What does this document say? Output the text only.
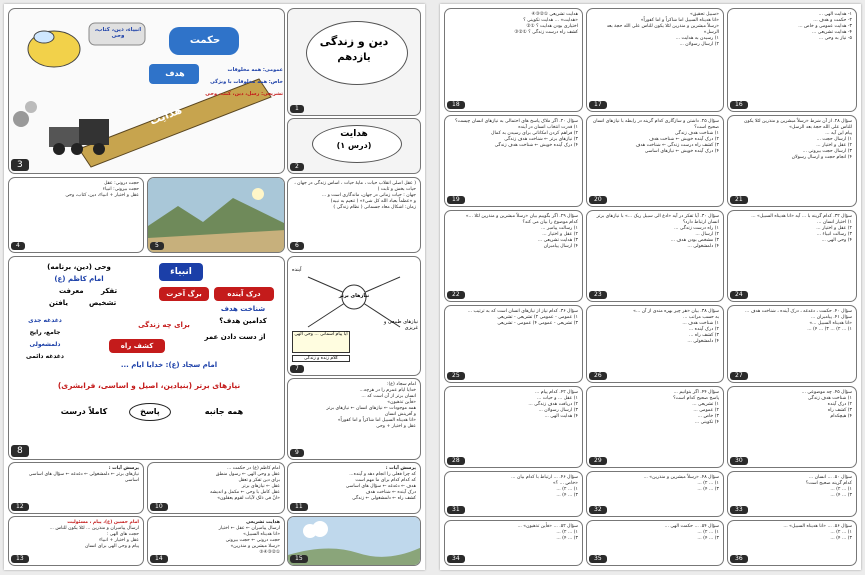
دین و زندگی
یازدهم
1
هدایت
(درس ۱)
2
حکمت
هدف
انبیاء، دین، کتاب، وحی
هدایت
عمومی: همه مخلوقات
خاص: همه مخلوقات با ویژگی
تشریعی: رسل، دین، کتب، وحی
3
حجت درونی: عقل
حجت بیرونی: انبیاء
عقل و اختیار + انبیاء، دین، کتاب، وحی
4	5
( عقل اصلی انقلاب حیات ، مایهٔ حیات ، اساس زندگی در جهان ، حیات بخش و ثابت )
جهان : حیات زمانی در جهان، ماندگاری است و ...
و «عظماً بعباد الله کل شیء» ( تنعیم به نبیه)
زمان: اشکال معاد جسمانی ( نظام زندگی )
6
نیازهای برتر
آینده
نیازهای طبیعی و غریزی
آیا پیام آسمانی ... وحی الهی
کلام زنده و زندگی
7
انبیاء
وحی (دین، برنامه)
امام کاظم (ع)
تفکر
معرفت
تشخیص
یافتن
برگ آخرت	درک آینده
شناخت هدف
کدامین هدف؟
برای چه زندگی
از دست دادن عمر
کشف راه
دغدغه جدی
جامع، رایج
دلمشغولی
دغدغه دائمی
امام سجاد (ع): خدایا ایام ...
نیازهای برتر (بنیادین، اصیل و اساسی، فرابشری)
همه جانبه
پاسخ
کاملاً درست
8
امام سجاد (ع):
خدایا ایام عمرم را در هرچه...
انسان برتر از آن است که ...
«فأین تذهبون»
همه موجودات ← نیازهای انسان ← نیازهای برتر
و آفرینش انسان
«انا هدیناه السبیل اما شاکراً و اما کفوراً»
عقل و اختیار + وحی
9
امام کاظم (ع) در حکمت ...
عقل و وحی الهی ← رسول منطق
برای دین تفکر و تعقل
عقل ← نیازهای برتر
عقل کامل با وحی ← مکمل و اندیشه
«انّ فی ذلک لآیات لقوم یعقلون»
10
پرسش آیات :
که چرا فعلی را انجام دهد و آینده...
که کدام کدام برای ما مهم است
هدف ← دغدغه ← سؤال های اساسی
درک آینده ← شناخت هدف
کشف راه ← دلمشغولی ← زندگی
11
پرسش آیات :
نیازهای برتر ← دلمشغولی ← دغدغه ← سؤال های اساسی
اساسی
12
امام حسین (ع)، پیام ، مسئولیت
ارسال پیامبران و منذرین ... لئلا یکون للناس ...
حجت های الهی :
عقل و اختیار + انبیاء
پیام و وحی الهی برای انسان
13
هدایت تشریعی
ارسال پیامبران ← عقل ← اختیار
«انا هدیناه السبیل»
حجت درونی ← حجت بیرونی
«رسلا مبشرین و منذرین»
①②③④⑤
14	15
۱- هدایت الهی ...
۲- حکمت و هدف ...
۳- هدایت عمومی و خاص ...
۴- هدایت تشریعی ...
۵- نیاز به وحی ...
16
«سبیل تحقیق»
«انا هدیناه السبیل اما شاکراً و اما کفوراً»
«رسلاً مبشرین و منذرین لئلا یکون للناس علی الله حجة بعد الرسل»
۱) رسیدن به هدایت ...
۲) ارسال رسولان ...
17
هدایت تشریعی ①②③④
«هدایت» ... هدایت تکوینی ؟
اختیاری بودن هدایت ؟ ①②
کشف راه درست زندگی ؟ ①②③
18
سؤال ۲۰. اگر ملاک پاسخ های احتمالی به نیازهای انسان چیست؟
۱) قدرت انتخاب انسان در آینده
۲) فراهم کردن امکاناتی برای رسیدن به کمال
۳) نیازهای برتر ← شناخت هدف زندگی
۴) درک آینده خویش ← شناخت هدف زندگی
19
سؤال ۲۵. داشتن و سازگاری کدام گزینه در رابطه با نیازهای انسان صحیح است؟
۱) شناخت هدف زندگی
۲) درک آینده خویش ← شناخت هدف
۳) کشف راه درست زندگی ← شناخت هدف
۴) درک آینده خویش ← نیازهای اساسی
20
سؤال ۲۸. از آن شرط «رسلاً مبشرین و منذرین لئلا یکون للناس علی الله حجة بعد الرسل»
پیام این آیه ...
۱) ارسال حجت ...
۲) عقل و اختیار ...
۳) ارسال حجت بیرونی ...
۴) انجام حجت و ارسال رسولان
21
سؤال ۲۹. اگر بگوییم بیان «رسلاً مبشرین و منذرین لئلا ...»
کدام موضوع را بیان می کند؟
۱) رسالت پیامبر ...
۲) عقل و اختیار ...
۳) هدایت تشریعی ...
۴) ارسال پیامبران
22
سؤال ۳۰. آیا تفکر در آیه «ادع الی سبیل ربک ...» با نیازهای برتر انسان ارتباط دارد؟
۱) راه درست زندگی ...
۲) ارسال ...
۳) مشخص بودن هدف ...
۴) دلمشغولی ...
23
سؤال ۳۲. کدام گزینه با ... آیه «انا هدیناه السبیل» ...
۱) اختیار انسان ...
۲) عقل و اختیار ...
۳) رسالت انبیاء ...
۴) وحی الهی ...
24
سؤال ۳۶. کدام نیاز از نیازهای انسان است که به ترتیب ...
۱) عمومی - عمومی ۲) تشریعی - تشریعی
۳) تشریعی - عمومی ۴) عمومی - تشریعی
25
سؤال ۳۸. بیان «هر چیز بهره مندی از آن ...»
به حسب مراتب ...
۱) شناخت هدف ...
۲) درک آینده ...
۳) کشف راه ...
۴) دلمشغولی ...
26
سؤال ۴۰. حکمت ، دغدغه ، درک آینده ، شناخت هدف ...
سؤال ۴۱. پیامبران ...
«انا هدیناه السبیل ...»
۱) ... ۲) ... ۳) ... ۴) ...
27
سؤال ۴۲. کدام پیام ...
۱) عقل ... و حیات ...
۲) دریافت هدف زندگی ...
۳) ارسال رسولان ...
۴) هدایت الهی ...
28
سؤال ۴۴. اگر بتوانیم ...
پاسخ صحیح کدام است؟
۱) تشریعی ...
۲) عمومی ...
۳) خاص ...
۴) تکوینی ...
29
سؤال ۴۵. چه موضوعی ...
۱) شناخت هدف زندگی
۲) درک آینده
۳) کشف راه
۴) هیچکدام
30
سؤال ۴۶. ... ارتباط با کدام بیان ...
«خاص ... ؟»
۱) ... ۲) ...
۳) ... ۴) ...
31
سؤال ۴۸. «رسلاً مبشرین و منذرین» ...
۱) ... ۲) ...
۳) ... ۴) ...
32
سؤال ۵۰. ... انسان ...
کدام گزینه صحیح است؟
۱) ... ۲) ...
۳) ... ۴) ...
33
سؤال ۵۲. ... «فأین تذهبون» ...
۱) ... ۲) ...
۳) ... ۴) ...
34
سؤال ۵۴. ... حکمت الهی ...
۱) ... ۲) ...
۳) ... ۴) ...
35
سؤال ۵۶. ... «انا هدیناه السبیل» ...
۱) ... ۲) ...
۳) ... ۴) ...
36
